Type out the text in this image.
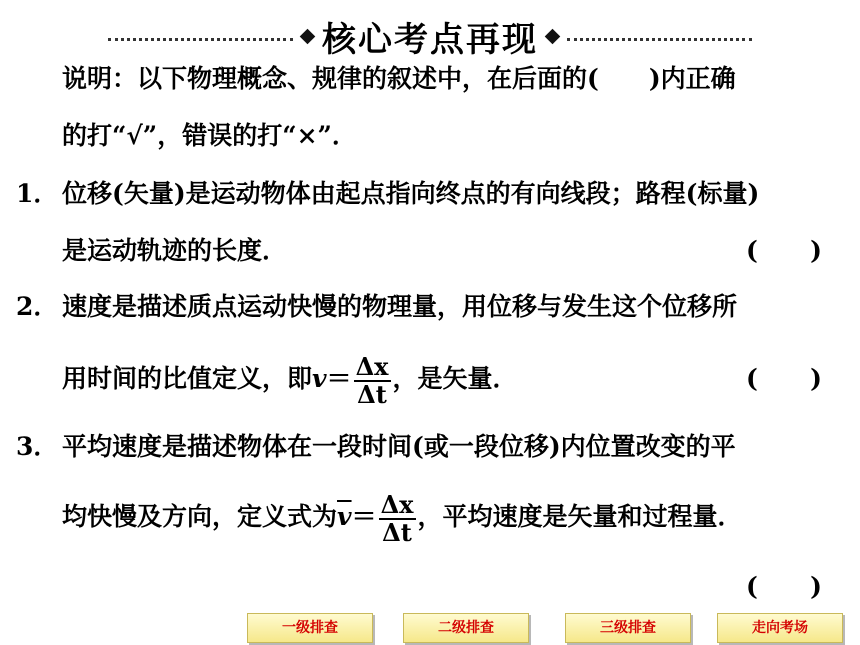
核心考点再现
说明：以下物理概念、规律的叙述中，在后面的(　　)内正确
的打“√”，错误的打“×”．
1． 位移(矢量)是运动物体由起点指向终点的有向线段；路程(标量)
是运动轨迹的长度．	( )
2． 速度是描述质点运动快慢的物理量，用位移与发生这个位移所
用时间的比值定义，即$v= \frac{\Delta x}{\Delta t}$ ，是矢量．	( )
3． 平均速度是描述物体在一段时间(或一段位移)内位置改变的平
均快慢及方向，定义式为$\overline{v}= \frac{\Delta x}{\Delta t}$ ，平均速度是矢量和过程量．
( )
一级排查	二级排查	三级排查	走向考场
